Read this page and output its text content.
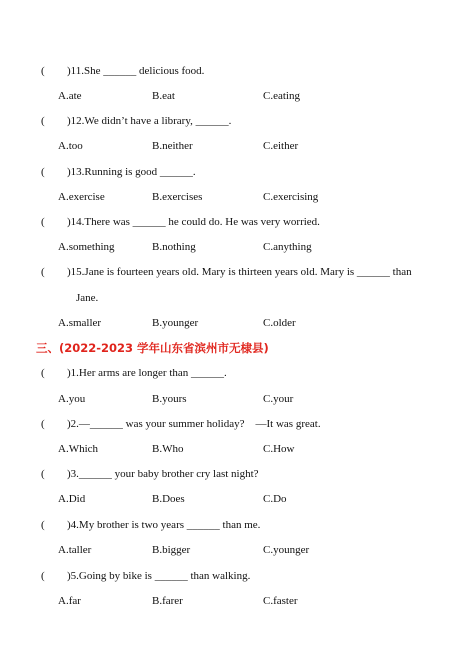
( )11.She ______ delicious food.
A.ate	B.eat	C.eating
( )12.We didn’t have a library, ______.
A.too	B.neither	C.either
( )13.Running is good ______.
A.exercise	B.exercises	C.exercising
( )14.There was ______ he could do. He was very worried.
A.something	B.nothing	C.anything
( )15.Jane is fourteen years old. Mary is thirteen years old. Mary is ______ than
Jane.
A.smaller	B.younger	C.older
三、(2022-2023 学年山东省滨州市无棣县)
( )1.Her arms are longer than ______.
A.you	B.yours	C.your
( )2.—______ was your summer holiday?    —It was great.
A.Which	B.Who	C.How
( )3.______ your baby brother cry last night?
A.Did	B.Does	C.Do
( )4.My brother is two years ______ than me.
A.taller	B.bigger	C.younger
( )5.Going by bike is ______ than walking.
A.far	B.farer	C.faster
